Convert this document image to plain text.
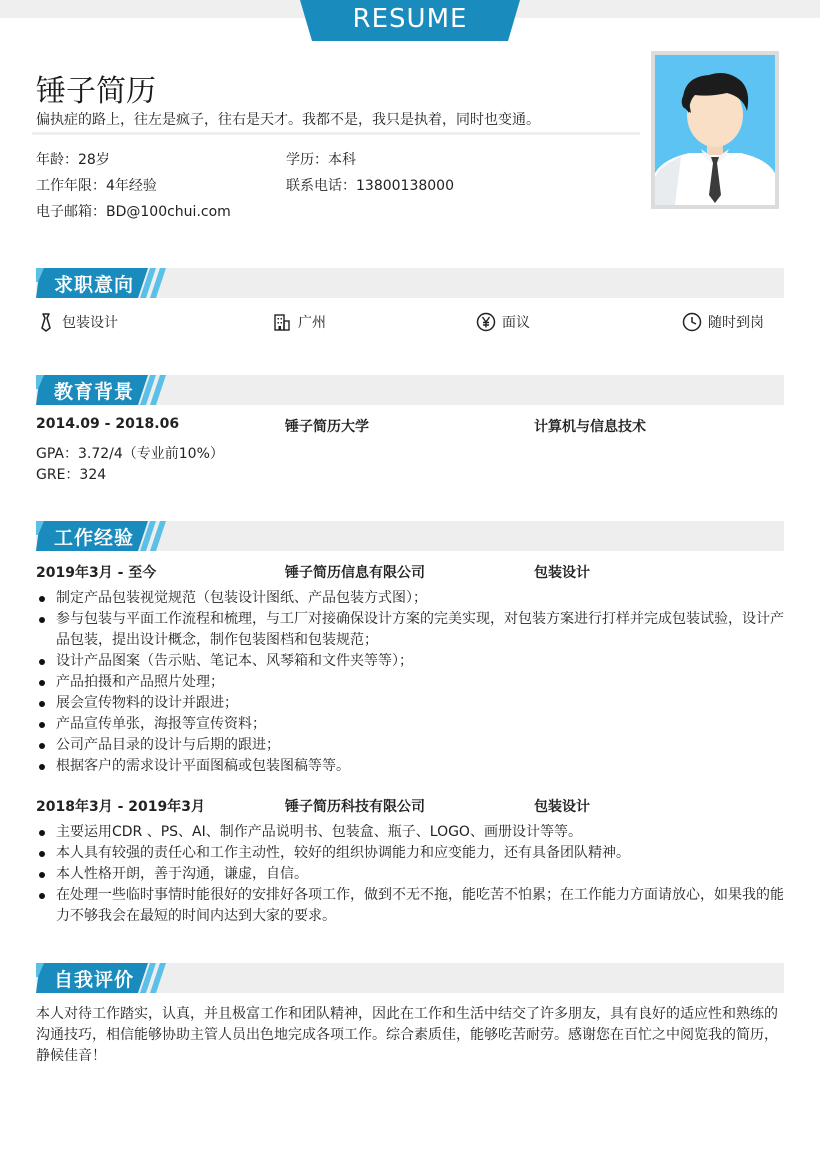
RESUME
锤子简历
偏执症的路上，往左是疯子，往右是天才。我都不是，我只是执着，同时也变通。
年龄：28岁	学历：本科
工作年限：4年经验	联系电话：13800138000
电子邮箱：BD@100chui.com
求职意向
包装设计	广州	面议	随时到岗
教育背景
2014.09 - 2018.06	锤子简历大学	计算机与信息技术
GPA：3.72/4（专业前10%）
GRE：324
工作经验
2019年3月 - 至今	锤子简历信息有限公司	包装设计
制定产品包装视觉规范（包装设计图纸、产品包装方式图）；
参与包装与平面工作流程和梳理，与工厂对接确保设计方案的完美实现，对包装方案进行打样并完成包装试验，设计产品包装，提出设计概念，制作包装图档和包装规范；
设计产品图案（告示贴、笔记本、风琴箱和文件夹等等）；
产品拍摄和产品照片处理；
展会宣传物料的设计并跟进；
产品宣传单张，海报等宣传资料；
公司产品目录的设计与后期的跟进；
根据客户的需求设计平面图稿或包装图稿等等。
2018年3月 - 2019年3月	锤子简历科技有限公司	包装设计
主要运用CDR 、PS、AI、制作产品说明书、包装盒、瓶子、LOGO、画册设计等等。
本人具有较强的责任心和工作主动性，较好的组织协调能力和应变能力，还有具备团队精神。
本人性格开朗，善于沟通，谦虚，自信。
在处理一些临时事情时能很好的安排好各项工作，做到不无不拖，能吃苦不怕累；在工作能力方面请放心，如果我的能力不够我会在最短的时间内达到大家的要求。
自我评价
本人对待工作踏实，认真，并且极富工作和团队精神，因此在工作和生活中结交了许多朋友，具有良好的适应性和熟练的沟通技巧，相信能够协助主管人员出色地完成各项工作。综合素质佳，能够吃苦耐劳。感谢您在百忙之中阅览我的简历，静候佳音！
